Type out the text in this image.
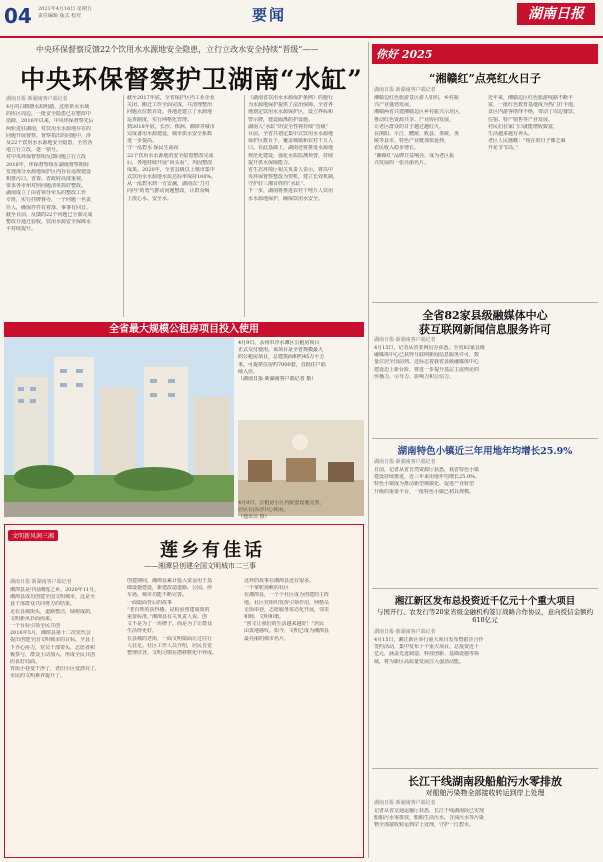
04 2021年4月16日 星期五
责任编辑 版式 校对	要闻	湖南日报
中央环保督察反馈22个饮用水水源地安全隐患，立行立改水安全持续“晋级”——
中央环保督察护卫湖南“水缸”
湖南日报·新湖南客户端记者
4月的白鹤塘水质明澈，这座供水水域
的库区周边，一批安全隐患已在整改中
消除。2016年以来，中央环保督察先后
两轮进驻湖南，对饮用水水源地存在的
问题开展督察。督察指出的问题中，涉
及22个饮用水水源地安全隐患，全省各
地立行立改，逐一销号。
对中央环保督察组反馈问题立行立改
2016年，环保督察组在湖南督察期间
发现部分水源地保护区内存在违规建设
和排污口。省委、省政府高度重视，
要求各市州对照问题清单抓好整改。
湖南成立了由省领导牵头的整改工作
专班，实行挂牌督办，一个问题一名责
任人，确保件件有着落、事事有回音。
截至目前，反馈的22个问题已全部完成
整改并通过验收，饮用水源安全保障水
平持续提升。
截至2017年底，全省保护区内工业企业
关闭、搬迁工作全面完成，共清理整治
问题点位数百处。各地还建立了水源地
巡查制度，实行网格化管理。
到2018年底，长沙、株洲、湘潭等城市
完成备用水源建设，城市供水安全系数
进一步提高。
守一泓碧水 保民生福祉
22个饮用水水源地的安全隐患整改完成
后，各地持续开展“回头看”，巩固整改
成果。2020年，全省县级以上城市集中
式饮用水水源地水质达标率保持100%。
从一泓碧水到一方安澜，湖南以“刀刃
向内”的勇气推动问题整改，让群众喝
上放心水、安全水。
《湖南省饮用水水源保护条例》的施行
为水源地保护提供了法治保障。全省各
地划定饮用水水源保护区，设立界标和
警示牌，建设隔离防护设施。
湖南人“水缸”的安全性将持续“晋级”
目前，全省共划定集中式饮用水水源地
保护区数百个，覆盖城镇和农村千万人
口。在此基础上，湖南还将推进水源地
规范化建设，强化水质监测预警，持续
提升供水保障能力。
省生态环境厅相关负责人表示，将以中
央环保督察整改为契机，建立长效机制，
守护好三湘百姓的“水缸”。
下一步，湖南将推进农村千吨万人饮用
水水源地保护，确保饮用水安全。
全省最大规模公租房项目投入使用
4月9日，永州市冷水滩区公租房项目
正式交付使用。该项目是全省规模最大
的公租房项目，总建筑面积约45万平方
米，可提供住房约7000套，首批住户陆
续入住。
（湖南日报·新湖南客户端记者 摄）
4月9日，公租房小区内配套设施完善，
居民在活动中心休闲。
（通讯员 摄）
文明新风润三湘
莲乡有佳话
——湘潭县创建全国文明城市二三事
湖南日报·新湖南客户端记者
湘潭县是中国湘莲之乡。2020年11月，
湘潭县成功创建全国文明城市，这是全
县干部群众共同努力的结果。
走在县城街头，道路整洁，绿树成荫，
文明新风扑面而来。
一个目标引领全民共创
2016年5月，湘潭县第十二次党代会
提出创建全国文明城市的目标。全县上
下齐心协力，党员干部带头，志愿者积
极参与，群众主动加入，形成全民共创
的良好局面。
背街小巷变干净了，老旧小区变漂亮了，
市民的文明素养提升了。
创建期间，湘潭县累计投入资金用于基
础设施建设，新建改造道路、公园、停
车场，城市功能不断完善。
一面镜面背后的故事
“老百姓的获得感，是检验创建成效的
重要标准。”湘潭县有关负责人说，创
文不是为了一块牌子，而是为了让群众
生活得更好。
在县城的老街，一面文明镜面让过往行
人驻足。社区工作人员介绍，居民自觉
整理仪容，文明习惯在潜移默化中养成。
这样的故事在湘潭县还有很多。
一个掌舵扬帆的社区
在湘潭县，一个个社区成为创建的主阵
地。社区党组织发挥引领作用，网格员
走街串巷，志愿服务常态化开展，邻里
和睦，文明和谐。
“创文让我们的生活越来越好！”居民
由衷地感叹。如今，文明已成为湘潭县
最亮丽的城市名片。
你好 2025
“湘赣红”点亮红火日子
湖南日报·新湖南客户端记者
湘赣边红色旅游景区游人如织，乡村振
兴产业蓬勃发展。
湘赣两省共建湘赣边区乡村振兴示范区，
推动红色资源共享、产业协同发展，
让老区群众的日子越过越红火。
在浏阳、平江、醴陵、攸县、茶陵、炎
陵等县市，特色产业链加快延伸，
农民收入稳步增长。
“湘赣红”品牌日益响亮，成为老区振
兴发展的一张亮丽名片。
近年来，湘赣边区红色旅游线路不断丰
富，一批红色教育基地成为热门打卡地。
景区内游客络绎不绝，带动了周边餐饮、
住宿、特产销售等产业发展。
村民们在家门口就能增收致富，
生活越来越有奔头。
老区人民感慨：“现在的日子像芝麻
开花节节高。”
全省82家县级融媒体中心
获互联网新闻信息服务许可
湖南日报·新湖南客户端记者
4月15日，记者从省委网信办获悉，全省82家县级
融媒体中心已获得互联网新闻信息服务许可，数
量位居全国前列。这标志着我省县级融媒体中心
建设迈上新台阶，将进一步提升基层主流舆论的
传播力、引导力、影响力和公信力。
湖南特色小镇近三年用地年均增长25.9%
湖南日报·新湖南客户端记者
日前，记者从省自然资源厅获悉，我省特色小镇
建设持续推进，近三年来用地年均增长25.9%。
特色小镇成为推动新型城镇化、促进产业转型
升级的重要平台，一批特色小镇已初具规模。
湘江新区发布总投资近千亿元十个重大项目
与国开行、农发行等20家省级金融机构签订战略合作协议，意向授信金额约610亿元
湖南日报·新湖南客户端记者
4月15日，湘江新区举行重大项目发布暨银企合作
签约活动，集中发布十个重大项目，总投资近千
亿元，涵盖先进制造、科技创新、基础设施等领
域，将为新区高质量发展注入强劲动能。
长江干线湖南段船舶污水零排放
对船舶污染物全部接收转运到岸上处理
湖南日报·新湖南客户端记者
记者从省交通运输厅获悉，长江干线湖南段已实现
船舶污水零排放，船舶生活污水、含油污水等污染
物全部接收转运到岸上处理，守护一江碧水。
